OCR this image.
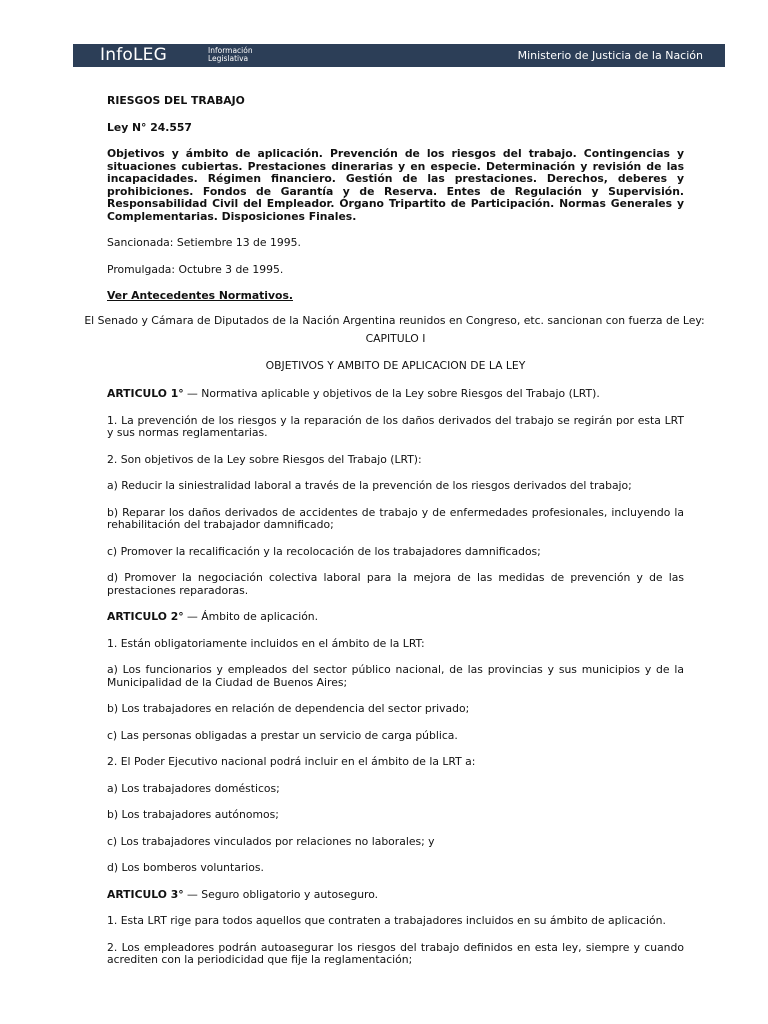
InfoLEG	Información
Legislativa	Ministerio de Justicia de la Nación

RIESGOS DEL TRABAJO

Ley N° 24.557

Objetivos y ámbito de aplicación. Prevención de los riesgos del trabajo. Contingencias y situaciones cubiertas. Prestaciones dinerarias y en especie. Determinación y revisión de las incapacidades. Régimen financiero. Gestión de las prestaciones. Derechos, deberes y prohibiciones. Fondos de Garantía y de Reserva. Entes de Regulación y Supervisión. Responsabilidad Civil del Empleador. Órgano Tripartito de Participación. Normas Generales y Complementarias. Disposiciones Finales.

Sancionada: Setiembre 13 de 1995.

Promulgada: Octubre 3 de 1995.

Ver Antecedentes Normativos.

El Senado y Cámara de Diputados de la Nación Argentina reunidos en Congreso, etc. sancionan con fuerza de Ley:

CAPITULO I

OBJETIVOS Y AMBITO DE APLICACION DE LA LEY

ARTICULO 1° — Normativa aplicable y objetivos de la Ley sobre Riesgos del Trabajo (LRT).

1. La prevención de los riesgos y la reparación de los daños derivados del trabajo se regirán por esta LRT y sus normas reglamentarias.

2. Son objetivos de la Ley sobre Riesgos del Trabajo (LRT):

a) Reducir la siniestralidad laboral a través de la prevención de los riesgos derivados del trabajo;

b) Reparar los daños derivados de accidentes de trabajo y de enfermedades profesionales, incluyendo la rehabilitación del trabajador damnificado;

c) Promover la recalificación y la recolocación de los trabajadores damnificados;

d) Promover la negociación colectiva laboral para la mejora de las medidas de prevención y de las prestaciones reparadoras.

ARTICULO 2° — Ámbito de aplicación.

1. Están obligatoriamente incluidos en el ámbito de la LRT:

a) Los funcionarios y empleados del sector público nacional, de las provincias y sus municipios y de la Municipalidad de la Ciudad de Buenos Aires;

b) Los trabajadores en relación de dependencia del sector privado;

c) Las personas obligadas a prestar un servicio de carga pública.

2. El Poder Ejecutivo nacional podrá incluir en el ámbito de la LRT a:

a) Los trabajadores domésticos;

b) Los trabajadores autónomos;

c) Los trabajadores vinculados por relaciones no laborales; y

d) Los bomberos voluntarios.

ARTICULO 3° — Seguro obligatorio y autoseguro.

1. Esta LRT rige para todos aquellos que contraten a trabajadores incluidos en su ámbito de aplicación.

2. Los empleadores podrán autoasegurar los riesgos del trabajo definidos en esta ley, siempre y cuando acrediten con la periodicidad que fije la reglamentación;
